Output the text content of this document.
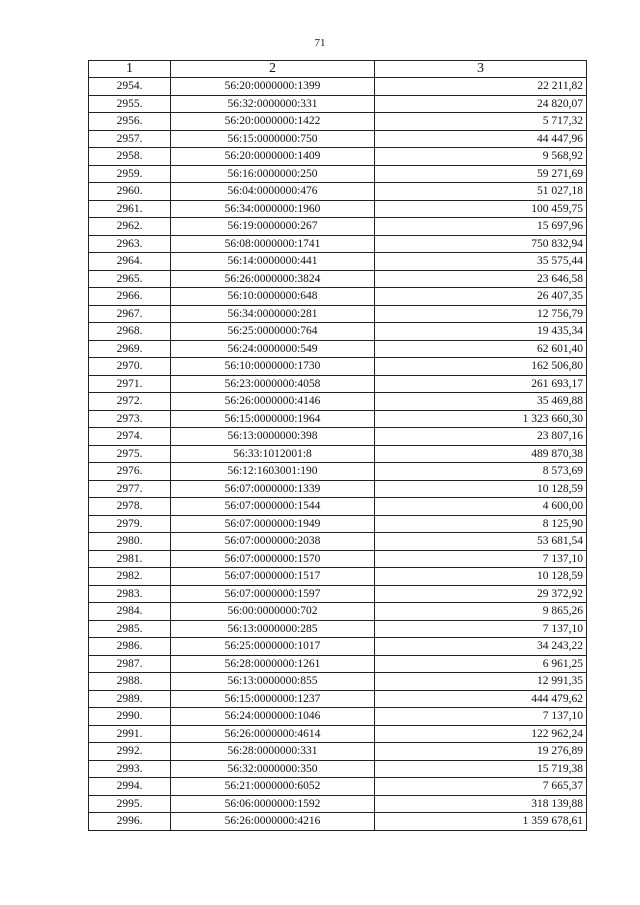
71
1	2	3
2954.	56:20:0000000:1399	22 211,82
2955.	56:32:0000000:331	24 820,07
2956.	56:20:0000000:1422	5 717,32
2957.	56:15:0000000:750	44 447,96
2958.	56:20:0000000:1409	9 568,92
2959.	56:16:0000000:250	59 271,69
2960.	56:04:0000000:476	51 027,18
2961.	56:34:0000000:1960	100 459,75
2962.	56:19:0000000:267	15 697,96
2963.	56:08:0000000:1741	750 832,94
2964.	56:14:0000000:441	35 575,44
2965.	56:26:0000000:3824	23 646,58
2966.	56:10:0000000:648	26 407,35
2967.	56:34:0000000:281	12 756,79
2968.	56:25:0000000:764	19 435,34
2969.	56:24:0000000:549	62 601,40
2970.	56:10:0000000:1730	162 506,80
2971.	56:23:0000000:4058	261 693,17
2972.	56:26:0000000:4146	35 469,88
2973.	56:15:0000000:1964	1 323 660,30
2974.	56:13:0000000:398	23 807,16
2975.	56:33:1012001:8	489 870,38
2976.	56:12:1603001:190	8 573,69
2977.	56:07:0000000:1339	10 128,59
2978.	56:07:0000000:1544	4 600,00
2979.	56:07:0000000:1949	8 125,90
2980.	56:07:0000000:2038	53 681,54
2981.	56:07:0000000:1570	7 137,10
2982.	56:07:0000000:1517	10 128,59
2983.	56:07:0000000:1597	29 372,92
2984.	56:00:0000000:702	9 865,26
2985.	56:13:0000000:285	7 137,10
2986.	56:25:0000000:1017	34 243,22
2987.	56:28:0000000:1261	6 961,25
2988.	56:13:0000000:855	12 991,35
2989.	56:15:0000000:1237	444 479,62
2990.	56:24:0000000:1046	7 137,10
2991.	56:26:0000000:4614	122 962,24
2992.	56:28:0000000:331	19 276,89
2993.	56:32:0000000:350	15 719,38
2994.	56:21:0000000:6052	7 665,37
2995.	56:06:0000000:1592	318 139,88
2996.	56:26:0000000:4216	1 359 678,61
